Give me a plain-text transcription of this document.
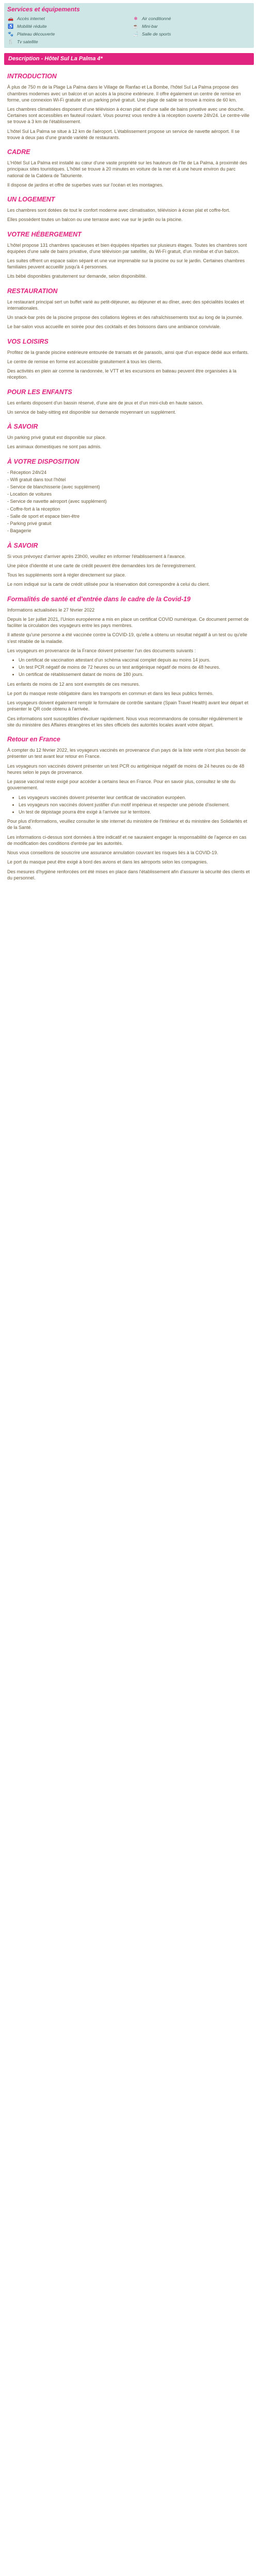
Services et équipements
🚗 Accès internet	❄ Air conditionné
♿ Mobilité réduite	☕ Mini-bar
🐾 Plateau découverte	🛁 Salle de sports
🍴 Tv satellite
Description - Hôtel Sul La Palma 4*
INTRODUCTION

À plus de 750 m de la Plage La Palma dans le Village de Ranfao et La Bombe, l'hôtel Sul La Palma propose des chambres modernes avec un balcon et un accès à la piscine extérieure. Il offre également un centre de remise en forme, une connexion Wi-Fi gratuite et un parking privé gratuit. Une plage de sable se trouve à moins de 60 km.

Les chambres climatisées disposent d'une télévision à écran plat et d'une salle de bains privative avec une douche. Certaines sont accessibles en fauteuil roulant. Vous pourrez vous rendre à la réception ouverte 24h/24. Le centre-ville se trouve à 3 km de l'établissement.

L'hôtel Sul La Palma se situe à 12 km de l'aéroport. L'établissement propose un service de navette aéroport. Il se trouve à deux pas d'une grande variété de restaurants.

CADRE

L'Hôtel Sul La Palma est installé au cœur d'une vaste propriété sur les hauteurs de l'île de La Palma, à proximité des principaux sites touristiques. L'hôtel se trouve à 20 minutes en voiture de la mer et à une heure environ du parc national de la Caldera de Taburiente.

Il dispose de jardins et offre de superbes vues sur l'océan et les montagnes.

UN LOGEMENT

Les chambres sont dotées de tout le confort moderne avec climatisation, télévision à écran plat et coffre-fort.

Elles possèdent toutes un balcon ou une terrasse avec vue sur le jardin ou la piscine.

VOTRE HÉBERGEMENT

L'hôtel propose 131 chambres spacieuses et bien équipées réparties sur plusieurs étages. Toutes les chambres sont équipées d'une salle de bains privative, d'une télévision par satellite, du Wi-Fi gratuit, d'un minibar et d'un balcon.

Les suites offrent un espace salon séparé et une vue imprenable sur la piscine ou sur le jardin. Certaines chambres familiales peuvent accueillir jusqu'à 4 personnes.

Lits bébé disponibles gratuitement sur demande, selon disponibilité.

RESTAURATION

Le restaurant principal sert un buffet varié au petit-déjeuner, au déjeuner et au dîner, avec des spécialités locales et internationales.

Un snack-bar près de la piscine propose des collations légères et des rafraîchissements tout au long de la journée.

Le bar-salon vous accueille en soirée pour des cocktails et des boissons dans une ambiance conviviale.

VOS LOISIRS

Profitez de la grande piscine extérieure entourée de transats et de parasols, ainsi que d'un espace dédié aux enfants.

Le centre de remise en forme est accessible gratuitement à tous les clients.

Des activités en plein air comme la randonnée, le VTT et les excursions en bateau peuvent être organisées à la réception.

POUR LES ENFANTS

Les enfants disposent d'un bassin réservé, d'une aire de jeux et d'un mini-club en haute saison.

Un service de baby-sitting est disponible sur demande moyennant un supplément.

À SAVOIR

Un parking privé gratuit est disponible sur place.

Les animaux domestiques ne sont pas admis.

À VOTRE DISPOSITION
- Réception 24h/24
- Wifi gratuit dans tout l'hôtel
- Service de blanchisserie (avec supplément)
- Location de voitures
- Service de navette aéroport (avec supplément)
- Coffre-fort à la réception
- Salle de sport et espace bien-être
- Parking privé gratuit
- Bagagerie
À SAVOIR

Si vous prévoyez d'arriver après 23h00, veuillez en informer l'établissement à l'avance.

Une pièce d'identité et une carte de crédit peuvent être demandées lors de l'enregistrement.

Tous les suppléments sont à régler directement sur place.

Le nom indiqué sur la carte de crédit utilisée pour la réservation doit correspondre à celui du client.

Formalités de santé et d'entrée dans le cadre de la Covid-19
Informations actualisées le 27 février 2022

Depuis le 1er juillet 2021, l'Union européenne a mis en place un certificat COVID numérique. Ce document permet de faciliter la circulation des voyageurs entre les pays membres.

Il atteste qu'une personne a été vaccinée contre la COVID-19, qu'elle a obtenu un résultat négatif à un test ou qu'elle s'est rétablie de la maladie.

Les voyageurs en provenance de la France doivent présenter l'un des documents suivants :

• Un certificat de vaccination attestant d'un schéma vaccinal complet depuis au moins 14 jours.
• Un test PCR négatif de moins de 72 heures ou un test antigénique négatif de moins de 48 heures.
• Un certificat de rétablissement datant de moins de 180 jours.

Les enfants de moins de 12 ans sont exemptés de ces mesures.

Le port du masque reste obligatoire dans les transports en commun et dans les lieux publics fermés.

Les voyageurs doivent également remplir le formulaire de contrôle sanitaire (Spain Travel Health) avant leur départ et présenter le QR code obtenu à l'arrivée.

Ces informations sont susceptibles d'évoluer rapidement. Nous vous recommandons de consulter régulièrement le site du ministère des Affaires étrangères et les sites officiels des autorités locales avant votre départ.

Retour en France

À compter du 12 février 2022, les voyageurs vaccinés en provenance d'un pays de la liste verte n'ont plus besoin de présenter un test avant leur retour en France.

Les voyageurs non vaccinés doivent présenter un test PCR ou antigénique négatif de moins de 24 heures ou de 48 heures selon le pays de provenance.

Le passe vaccinal reste exigé pour accéder à certains lieux en France. Pour en savoir plus, consultez le site du gouvernement.

• Les voyageurs vaccinés doivent présenter leur certificat de vaccination européen.
• Les voyageurs non vaccinés doivent justifier d'un motif impérieux et respecter une période d'isolement.
• Un test de dépistage pourra être exigé à l'arrivée sur le territoire.

Pour plus d'informations, veuillez consulter le site internet du ministère de l'Intérieur et du ministère des Solidarités et de la Santé.

Les informations ci-dessus sont données à titre indicatif et ne sauraient engager la responsabilité de l'agence en cas de modification des conditions d'entrée par les autorités.

Nous vous conseillons de souscrire une assurance annulation couvrant les risques liés à la COVID-19.

Le port du masque peut être exigé à bord des avions et dans les aéroports selon les compagnies.

Des mesures d'hygiène renforcées ont été mises en place dans l'établissement afin d'assurer la sécurité des clients et du personnel.
